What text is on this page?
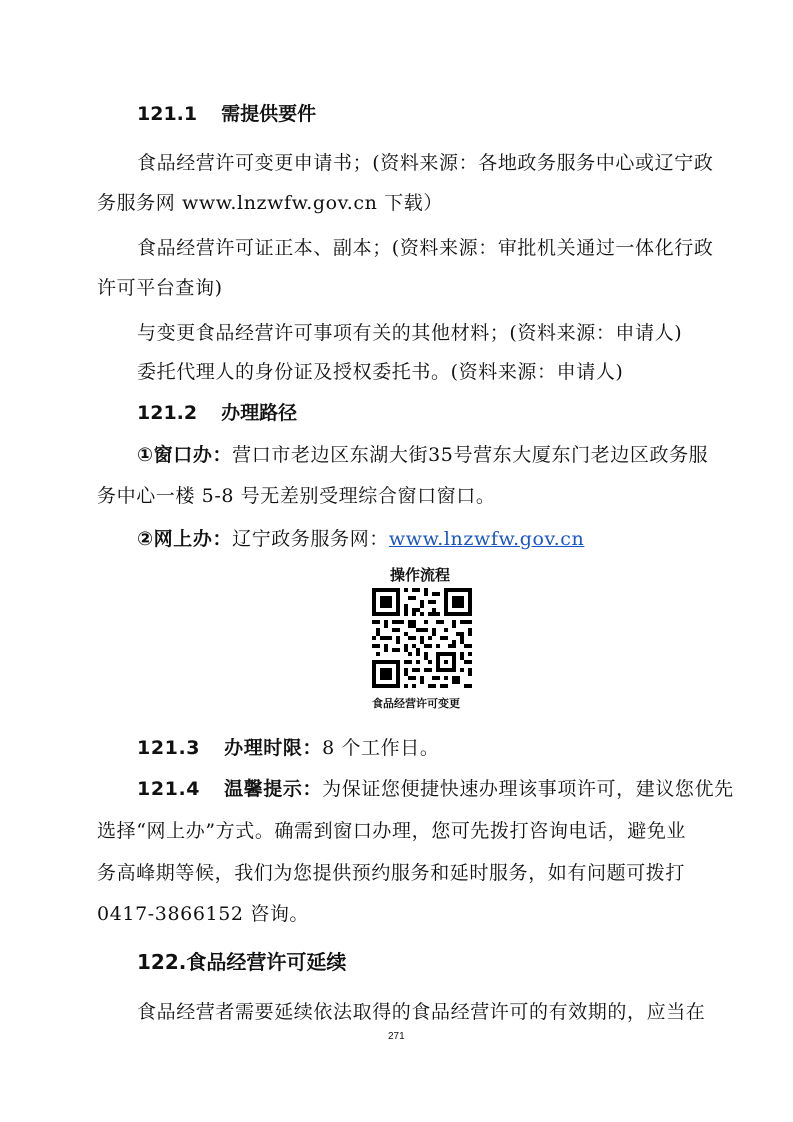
121.1 需提供要件
食品经营许可变更申请书；(资料来源：各地政务服务中心或辽宁政
务服务网 www.lnzwfw.gov.cn 下载）
食品经营许可证正本、副本；(资料来源：审批机关通过一体化行政
许可平台查询)
与变更食品经营许可事项有关的其他材料；(资料来源：申请人)
委托代理人的身份证及授权委托书。(资料来源：申请人)
121.2 办理路径
①窗口办：营口市老边区东湖大街35号营东大厦东门老边区政务服
务中心一楼 5-8 号无差别受理综合窗口窗口。
②网上办：辽宁政务服务网：www.lnzwfw.gov.cn
操作流程
食品经营许可变更
121.3 办理时限：8 个工作日。
121.4 温馨提示：为保证您便捷快速办理该事项许可，建议您优先
选择“网上办”方式。确需到窗口办理，您可先拨打咨询电话，避免业
务高峰期等候，我们为您提供预约服务和延时服务，如有问题可拨打
0417-3866152 咨询。
122.食品经营许可延续
食品经营者需要延续依法取得的食品经营许可的有效期的，应当在
271
